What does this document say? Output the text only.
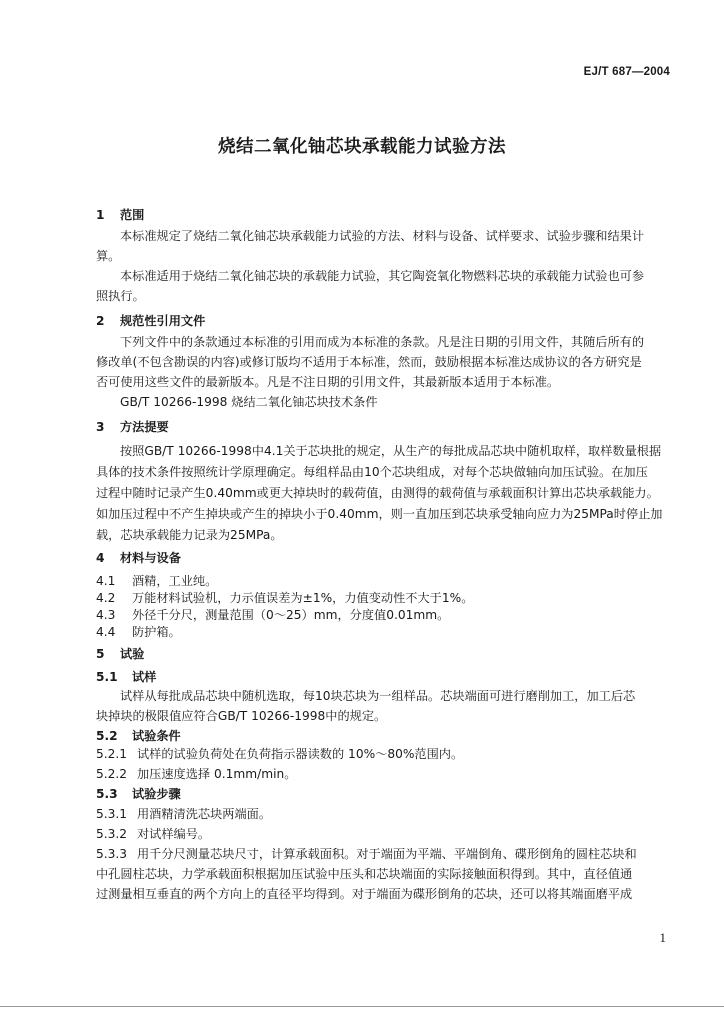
EJ/T 687—2004
烧结二氧化铀芯块承载能力试验方法
1 范围
本标准规定了烧结二氧化铀芯块承载能力试验的方法、材料与设备、试样要求、试验步骤和结果计
算。
本标准适用于烧结二氧化铀芯块的承载能力试验，其它陶瓷氧化物燃料芯块的承载能力试验也可参
照执行。
2 规范性引用文件
下列文件中的条款通过本标准的引用而成为本标准的条款。凡是注日期的引用文件，其随后所有的
修改单(不包含勘误的内容)或修订版均不适用于本标准，然而，鼓励根据本标准达成协议的各方研究是
否可使用这些文件的最新版本。凡是不注日期的引用文件，其最新版本适用于本标准。
GB/T 10266-1998 烧结二氧化铀芯块技术条件
3 方法提要
按照GB/T 10266-1998中4.1关于芯块批的规定，从生产的每批成品芯块中随机取样，取样数量根据
具体的技术条件按照统计学原理确定。每组样品由10个芯块组成，对每个芯块做轴向加压试验。在加压
过程中随时记录产生0.40mm或更大掉块时的载荷值，由测得的载荷值与承载面积计算出芯块承载能力。
如加压过程中不产生掉块或产生的掉块小于0.40mm，则一直加压到芯块承受轴向应力为25MPa时停止加
载，芯块承载能力记录为25MPa。
4 材料与设备
4.1 酒精，工业纯。
4.2 万能材料试验机，力示值误差为±1%，力值变动性不大于1%。
4.3 外径千分尺，测量范围（0～25）mm，分度值0.01mm。
4.4 防护箱。
5 试验
5.1 试样
试样从每批成品芯块中随机选取，每10块芯块为一组样品。芯块端面可进行磨削加工，加工后芯
块掉块的极限值应符合GB/T 10266-1998中的规定。
5.2 试验条件
5.2.1 试样的试验负荷处在负荷指示器读数的 10%～80%范围内。
5.2.2 加压速度选择 0.1mm/min。
5.3 试验步骤
5.3.1 用酒精清洗芯块两端面。
5.3.2 对试样编号。
5.3.3 用千分尺测量芯块尺寸，计算承载面积。对于端面为平端、平端倒角、碟形倒角的圆柱芯块和
中孔圆柱芯块，力学承载面积根据加压试验中压头和芯块端面的实际接触面积得到。其中，直径值通
过测量相互垂直的两个方向上的直径平均得到。对于端面为碟形倒角的芯块，还可以将其端面磨平成
1
